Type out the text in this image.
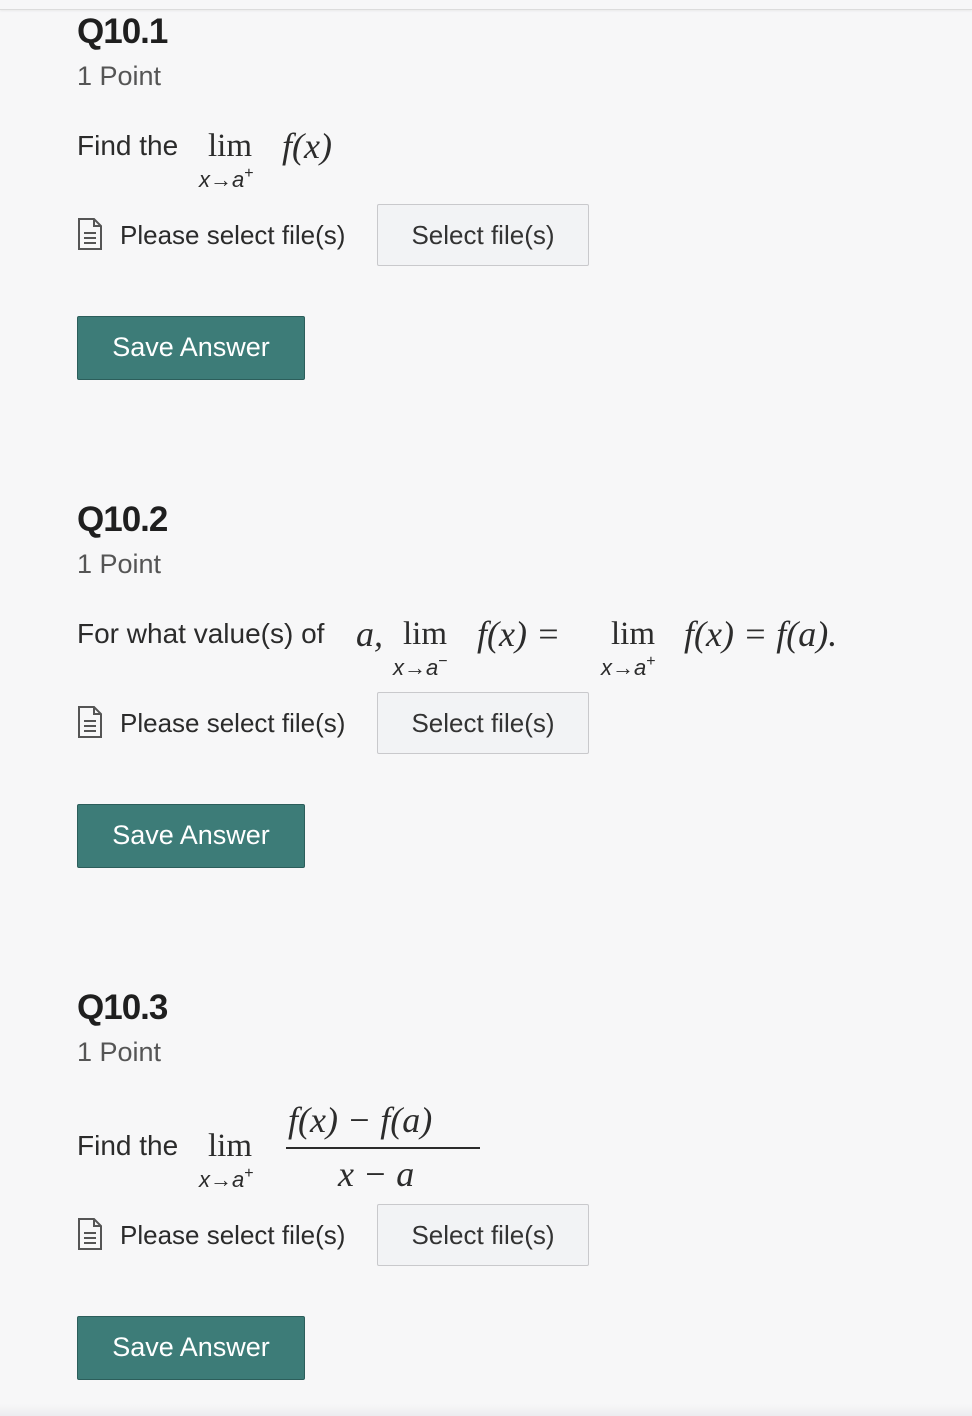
Q10.1
1 Point
Find the lim
x→a+
f(x)
Please select file(s)	Select file(s)
Save Answer
Q10.2
1 Point
For what value(s) of a, lim
x→a−
f(x) = lim
x→a+
f(x) = f(a).
Please select file(s)	Select file(s)
Save Answer
Q10.3
1 Point
Find the lim
x→a+
f(x) − f(a)
x − a
Please select file(s)	Select file(s)
Save Answer
